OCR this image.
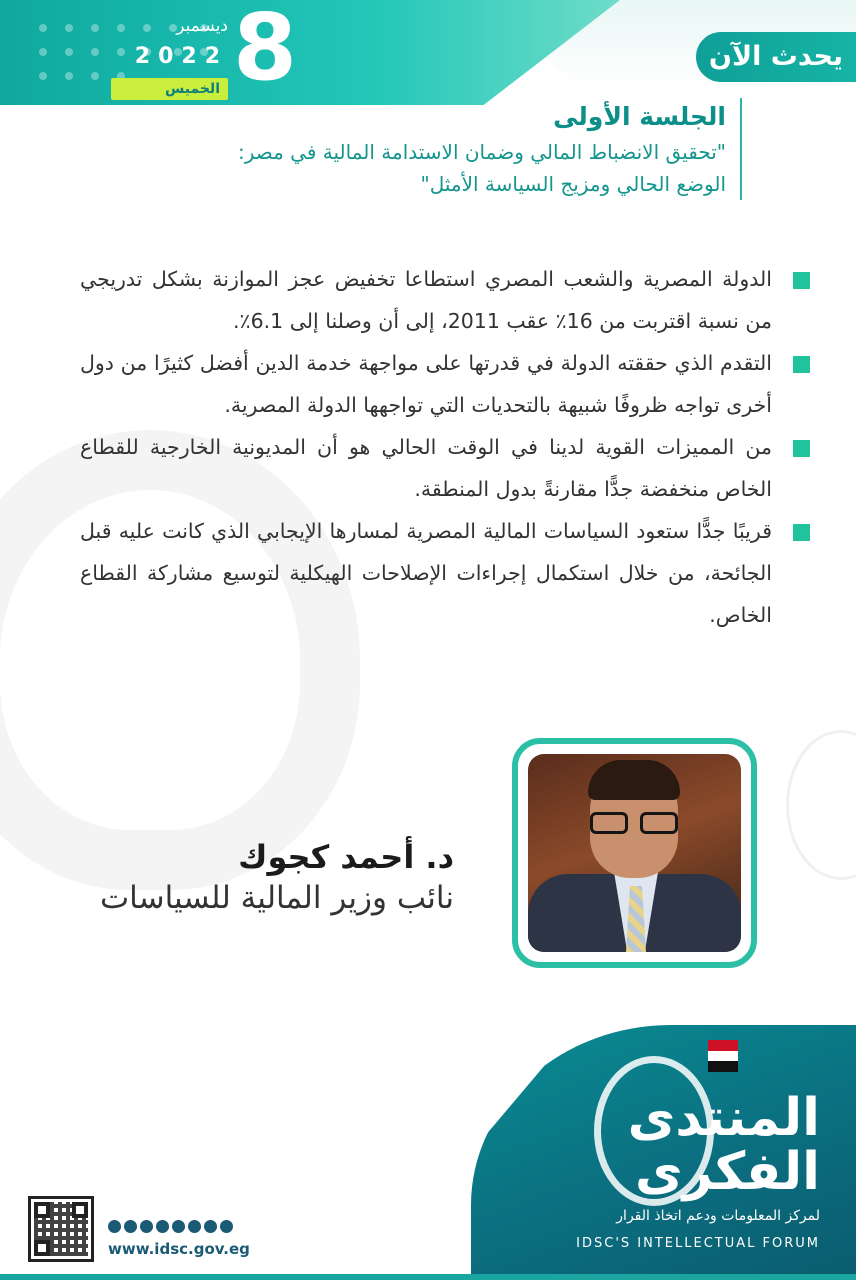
ديسمبر
2022
الخميس 8	يحدث الآن
الجلسة الأولى
"تحقيق الانضباط المالي وضمان الاستدامة المالية في مصر:
الوضع الحالي ومزيج السياسة الأمثل"
الدولة المصرية والشعب المصري استطاعا تخفيض عجز الموازنة بشكل تدريجي من نسبة اقتربت من 16٪ عقب 2011، إلى أن وصلنا إلى 6.1٪.
التقدم الذي حققته الدولة في قدرتها على مواجهة خدمة الدين أفضل كثيرًا من دول أخرى تواجه ظروفًا شبيهة بالتحديات التي تواجهها الدولة المصرية.
من المميزات القوية لدينا في الوقت الحالي هو أن المديونية الخارجية للقطاع الخاص منخفضة جدًّا مقارنةً بدول المنطقة.
قريبًا جدًّا ستعود السياسات المالية المصرية لمسارها الإيجابي الذي كانت عليه قبل الجائحة، من خلال استكمال إجراءات الإصلاحات الهيكلية لتوسيع مشاركة القطاع الخاص.
د. أحمد كجوك
نائب وزير المالية للسياسات
المنتدى
الفكرى
لمركز المعلومات ودعم اتخاذ القرار
IDSC'S INTELLECTUAL FORUM
www.idsc.gov.eg
